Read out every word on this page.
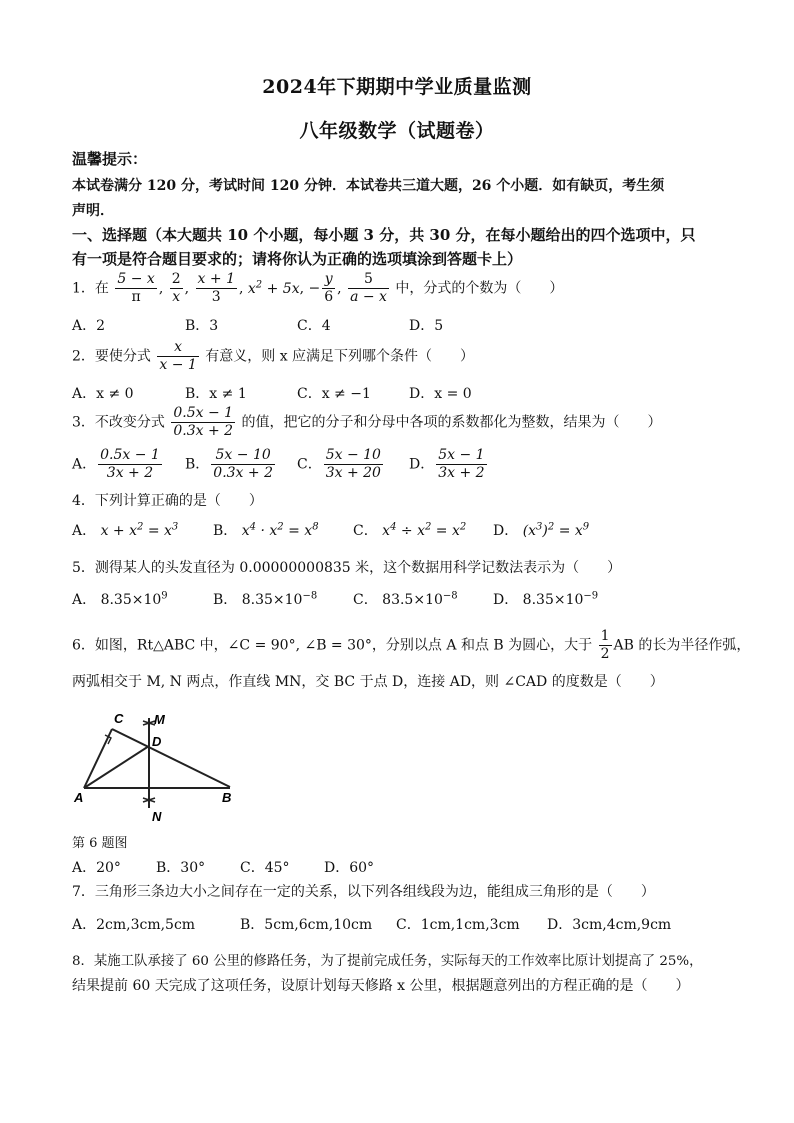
2024年下期期中学业质量监测
八年级数学（试题卷）
温馨提示：
本试卷满分 120 分，考试时间 120 分钟．本试卷共三道大题，26 个小题．如有缺页，考生须
声明．
一、选择题（本大题共 10 个小题，每小题 3 分，共 30 分，在每小题给出的四个选项中，只
有一项是符合题目要求的；请将你认为正确的选项填涂到答题卡上）
1．在 $\frac{5 - x}{\pi}$ , $\frac{2}{x}$ , $\frac{x + 1}{3}$ , $x^2 + 5x$, − $\frac{y}{6}$ , $\frac{5}{a - x}$ 中，分式的个数为（　　）
A．2	B．3	C．4	D．5
2．要使分式 $\frac{x}{x - 1}$ 有意义，则 x 应满足下列哪个条件（　　）
A．x ≠ 0	B．x ≠ 1	C．x ≠ −1	D．x = 0
3．不改变分式 $\frac{0.5x - 1}{0.3x + 2}$ 的值，把它的分子和分母中各项的系数都化为整数，结果为（　　）
A． $\frac{0.5x - 1}{3x + 2}$ B． $\frac{5x - 10}{0.3x + 2}$ C． $\frac{5x - 10}{3x + 20}$ D． $\frac{5x - 1}{3x + 2}$
4．下列计算正确的是（　　）
A． $x + x^2 = x^3$ B． $x^4 \cdot x^2 = x^8$ C． $x^4 \div x^2 = x^2$ D． $(x^3)^2 = x^9$
5．测得某人的头发直径为 0.00000000835 米，这个数据用科学记数法表示为（　　）
A． $8.35\times 10^9$	B． $8.35\times 10^{-8}$	C． $83.5\times 10^{-8}$	D． $8.35\times 10^{-9}$
6．如图，Rt△ABC 中，∠C = 90°, ∠B = 30°，分别以点 A 和点 B 为圆心，大于 $\frac{1}{2}$ AB 的长为半径作弧，
两弧相交于 M, N 两点，作直线 MN，交 BC 于点 D，连接 AD，则 ∠CAD 的度数是（　　）
C M
D
A
N
B
第 6 题图
A．20°	B．30° C．45° D．60°
7．三角形三条边大小之间存在一定的关系，以下列各组线段为边，能组成三角形的是（　　）
A．2cm,3cm,5cm	B．5cm,6cm,10cm C．1cm,1cm,3cm D．3cm,4cm,9cm
8．某施工队承接了 60 公里的修路任务，为了提前完成任务，实际每天的工作效率比原计划提高了 25%，
结果提前 60 天完成了这项任务，设原计划每天修路 x 公里，根据题意列出的方程正确的是（　　）
